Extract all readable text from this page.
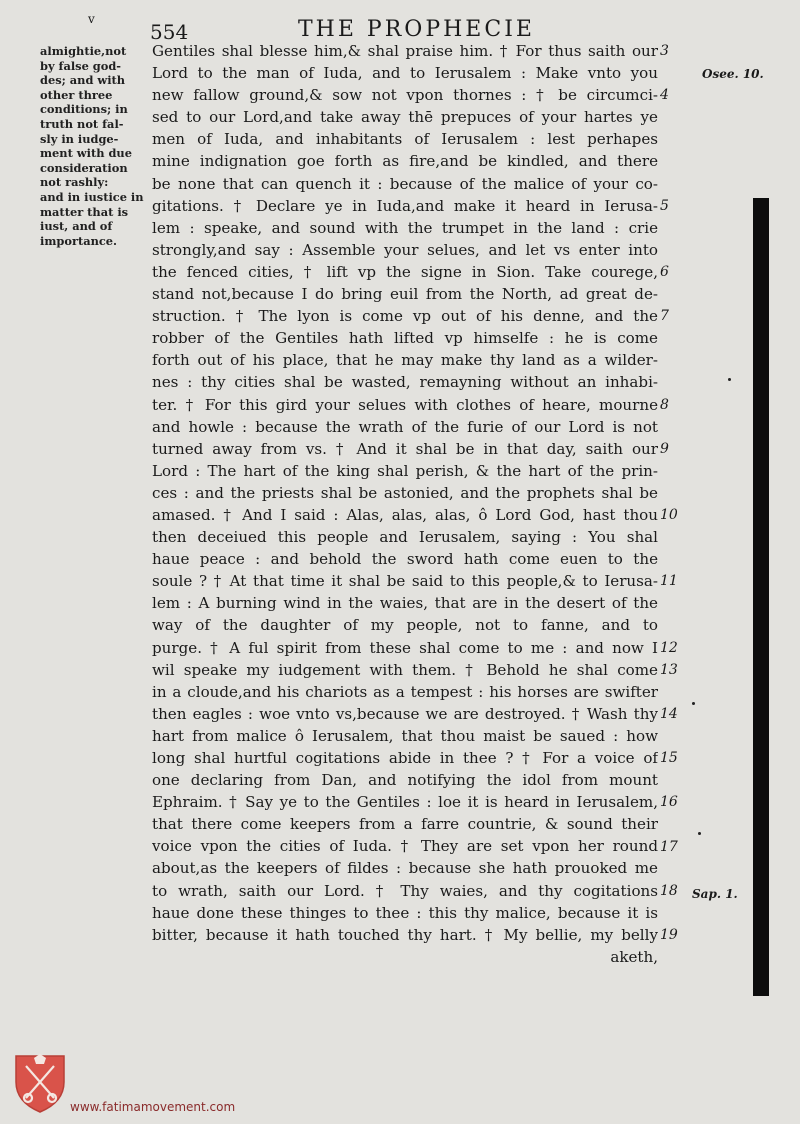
v
554	THE PROPHECIE
almightie,not
by false god-
des; and with
other three
conditions; in
truth not fal-
sly in iudge-
ment with due
consideration
not rashly:
and in iustice in
matter that is
iust, and of
importance.
Gentiles shal blesse him,& shal praise him. † For thus saith our
Lord to the man of Iuda, and to Ierusalem : Make vnto you
new fallow ground,& sow not vpon thornes : † be circumci-
sed to our Lord,and take away thē prepuces of your hartes ye
men of Iuda, and inhabitants of Ierusalem : lest perhapes
mine indignation goe forth as fire,and be kindled, and there
be none that can quench it : because of the malice of your co-
gitations. † Declare ye in Iuda,and make it heard in Ierusa-
lem : speake, and sound with the trumpet in the land : crie
strongly,and say : Assemble your selues, and let vs enter into
the fenced cities, † lift vp the signe in Sion. Take courege,
stand not,because I do bring euil from the North, ad great de-
struction. † The lyon is come vp out of his denne, and the
robber of the Gentiles hath lifted vp himselfe : he is come
forth out of his place, that he may make thy land as a wilder-
nes : thy cities shal be wasted, remayning without an inhabi-
ter. † For this gird your selues with clothes of heare, mourne
and howle : because the wrath of the furie of our Lord is not
turned away from vs. † And it shal be in that day, saith our
Lord : The hart of the king shal perish, & the hart of the prin-
ces : and the priests shal be astonied, and the prophets shal be
amased. † And I said : Alas, alas, alas, ô Lord God, hast thou
then deceiued this people and Ierusalem, saying : You shal
haue peace : and behold the sword hath come euen to the
soule ? † At that time it shal be said to this people,& to Ierusa-
lem : A burning wind in the waies, that are in the desert of the
way of the daughter of my people, not to fanne, and to
purge. † A ful spirit from these shal come to me : and now I
wil speake my iudgement with them. † Behold he shal come
in a cloude,and his chariots as a tempest : his horses are swifter
then eagles : woe vnto vs,because we are destroyed. † Wash thy
hart from malice ô Ierusalem, that thou maist be saued : how
long shal hurtful cogitations abide in thee ? † For a voice of
one declaring from Dan, and notifying the idol from mount
Ephraim. † Say ye to the Gentiles : loe it is heard in Ierusalem,
that there come keepers from a farre countrie, & sound their
voice vpon the cities of Iuda. † They are set vpon her round
about,as the keepers of fildes : because she hath prouoked me
to wrath, saith our Lord. † Thy waies, and thy cogitations
haue done these thinges to thee : this thy malice, because it is
bitter, because it hath touched thy hart. † My bellie, my belly
aketh,
3
4
5
6
7
8
9
10
11
12
13
14
15
16
17
18
19
Osee. 10.
Sap. 1.
www.fatimamovement.com
